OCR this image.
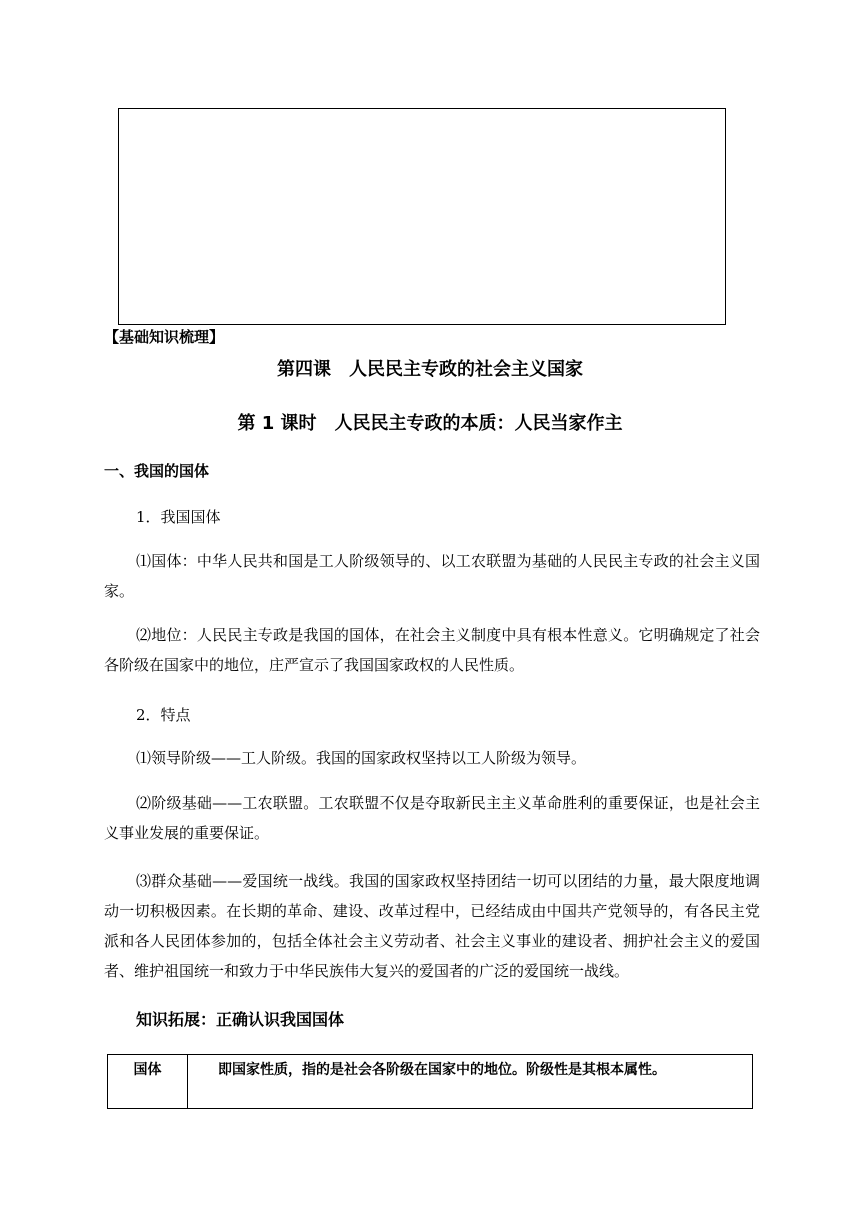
【基础知识梳理】
第四课　人民民主专政的社会主义国家
第 1 课时　人民民主专政的本质：人民当家作主
一、我国的国体
1．我国国体
⑴国体：中华人民共和国是工人阶级领导的、以工农联盟为基础的人民民主专政的社会主义国家。
⑵地位：人民民主专政是我国的国体，在社会主义制度中具有根本性意义。它明确规定了社会各阶级在国家中的地位，庄严宣示了我国国家政权的人民性质。
2．特点
⑴领导阶级——工人阶级。我国的国家政权坚持以工人阶级为领导。
⑵阶级基础——工农联盟。工农联盟不仅是夺取新民主主义革命胜利的重要保证，也是社会主义事业发展的重要保证。
⑶群众基础——爱国统一战线。我国的国家政权坚持团结一切可以团结的力量，最大限度地调动一切积极因素。在长期的革命、建设、改革过程中，已经结成由中国共产党领导的，有各民主党派和各人民团体参加的，包括全体社会主义劳动者、社会主义事业的建设者、拥护社会主义的爱国者、维护祖国统一和致力于中华民族伟大复兴的爱国者的广泛的爱国统一战线。
知识拓展：正确认识我国国体
国体	即国家性质，指的是社会各阶级在国家中的地位。阶级性是其根本属性。
